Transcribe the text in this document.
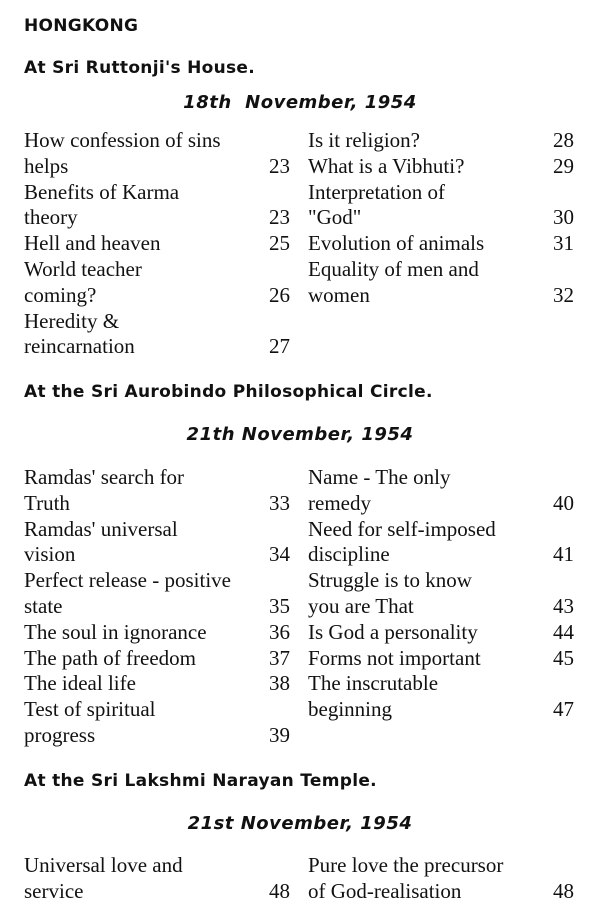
HONGKONG
At Sri Ruttonji's House.
18th  November, 1954
How confession of sins
helps	23
Benefits of Karma
theory	23
Hell and heaven	25
World teacher
coming?	26
Heredity &
reincarnation	27
Is it religion?	28
What is a Vibhuti?	29
Interpretation of
"God"	30
Evolution of animals	31
Equality of men and
women	32
At the Sri Aurobindo Philosophical Circle.
21th November, 1954
Ramdas' search for
Truth	33
Ramdas' universal
vision	34
Perfect release - positive
state	35
The soul in ignorance	36
The path of freedom	37
The ideal life	38
Test of spiritual
progress	39
Name - The only
remedy	40
Need for self-imposed
discipline	41
Struggle is to know
you are That	43
Is God a personality	44
Forms not important	45
The inscrutable
beginning	47
At the Sri Lakshmi Narayan Temple.
21st November, 1954
Universal love and
service	48
Pure love the precursor
of God-realisation	48
